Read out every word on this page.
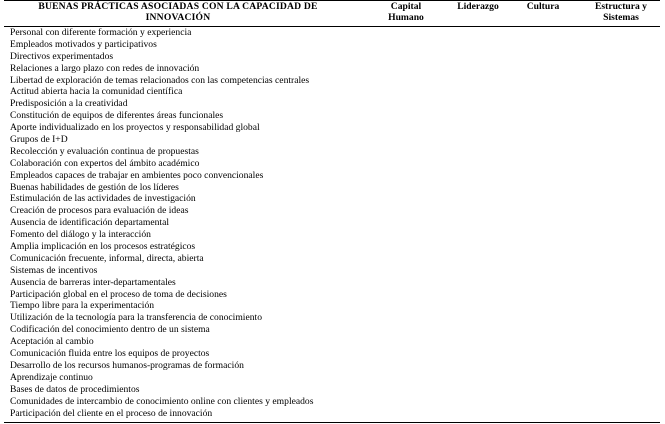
BUENAS PRÁCTICAS ASOCIADAS CON LA CAPACIDAD DE
INNOVACIÓN
Capital
Humano
Liderazgo	Cultura	Estructura y
Sistemas
Personal con diferente formación y experiencia
Empleados motivados y participativos
Directivos experimentados
Relaciones a largo plazo con redes de innovación
Libertad de exploración de temas relacionados con las competencias centrales
Actitud abierta hacia la comunidad científica
Predisposición a la creatividad
Constitución de equipos de diferentes áreas funcionales
Aporte individualizado en los proyectos y responsabilidad global
Grupos de I+D
Recolección y evaluación continua de propuestas
Colaboración con expertos del ámbito académico
Empleados capaces de trabajar en ambientes poco convencionales
Buenas habilidades de gestión de los líderes
Estimulación de las actividades de investigación
Creación de procesos para evaluación de ideas
Ausencia de identificación departamental
Fomento del diálogo y la interacción
Amplia implicación en los procesos estratégicos
Comunicación frecuente, informal, directa, abierta
Sistemas de incentivos
Ausencia de barreras inter-departamentales
Participación global en el proceso de toma de decisiones
Tiempo libre para la experimentación
Utilización de la tecnología para la transferencia de conocimiento
Codificación del conocimiento dentro de un sistema
Aceptación al cambio
Comunicación fluida entre los equipos de proyectos
Desarrollo de los recursos humanos-programas de formación
Aprendizaje continuo
Bases de datos de procedimientos
Comunidades de intercambio de conocimiento online con clientes y empleados
Participación del cliente en el proceso de innovación
